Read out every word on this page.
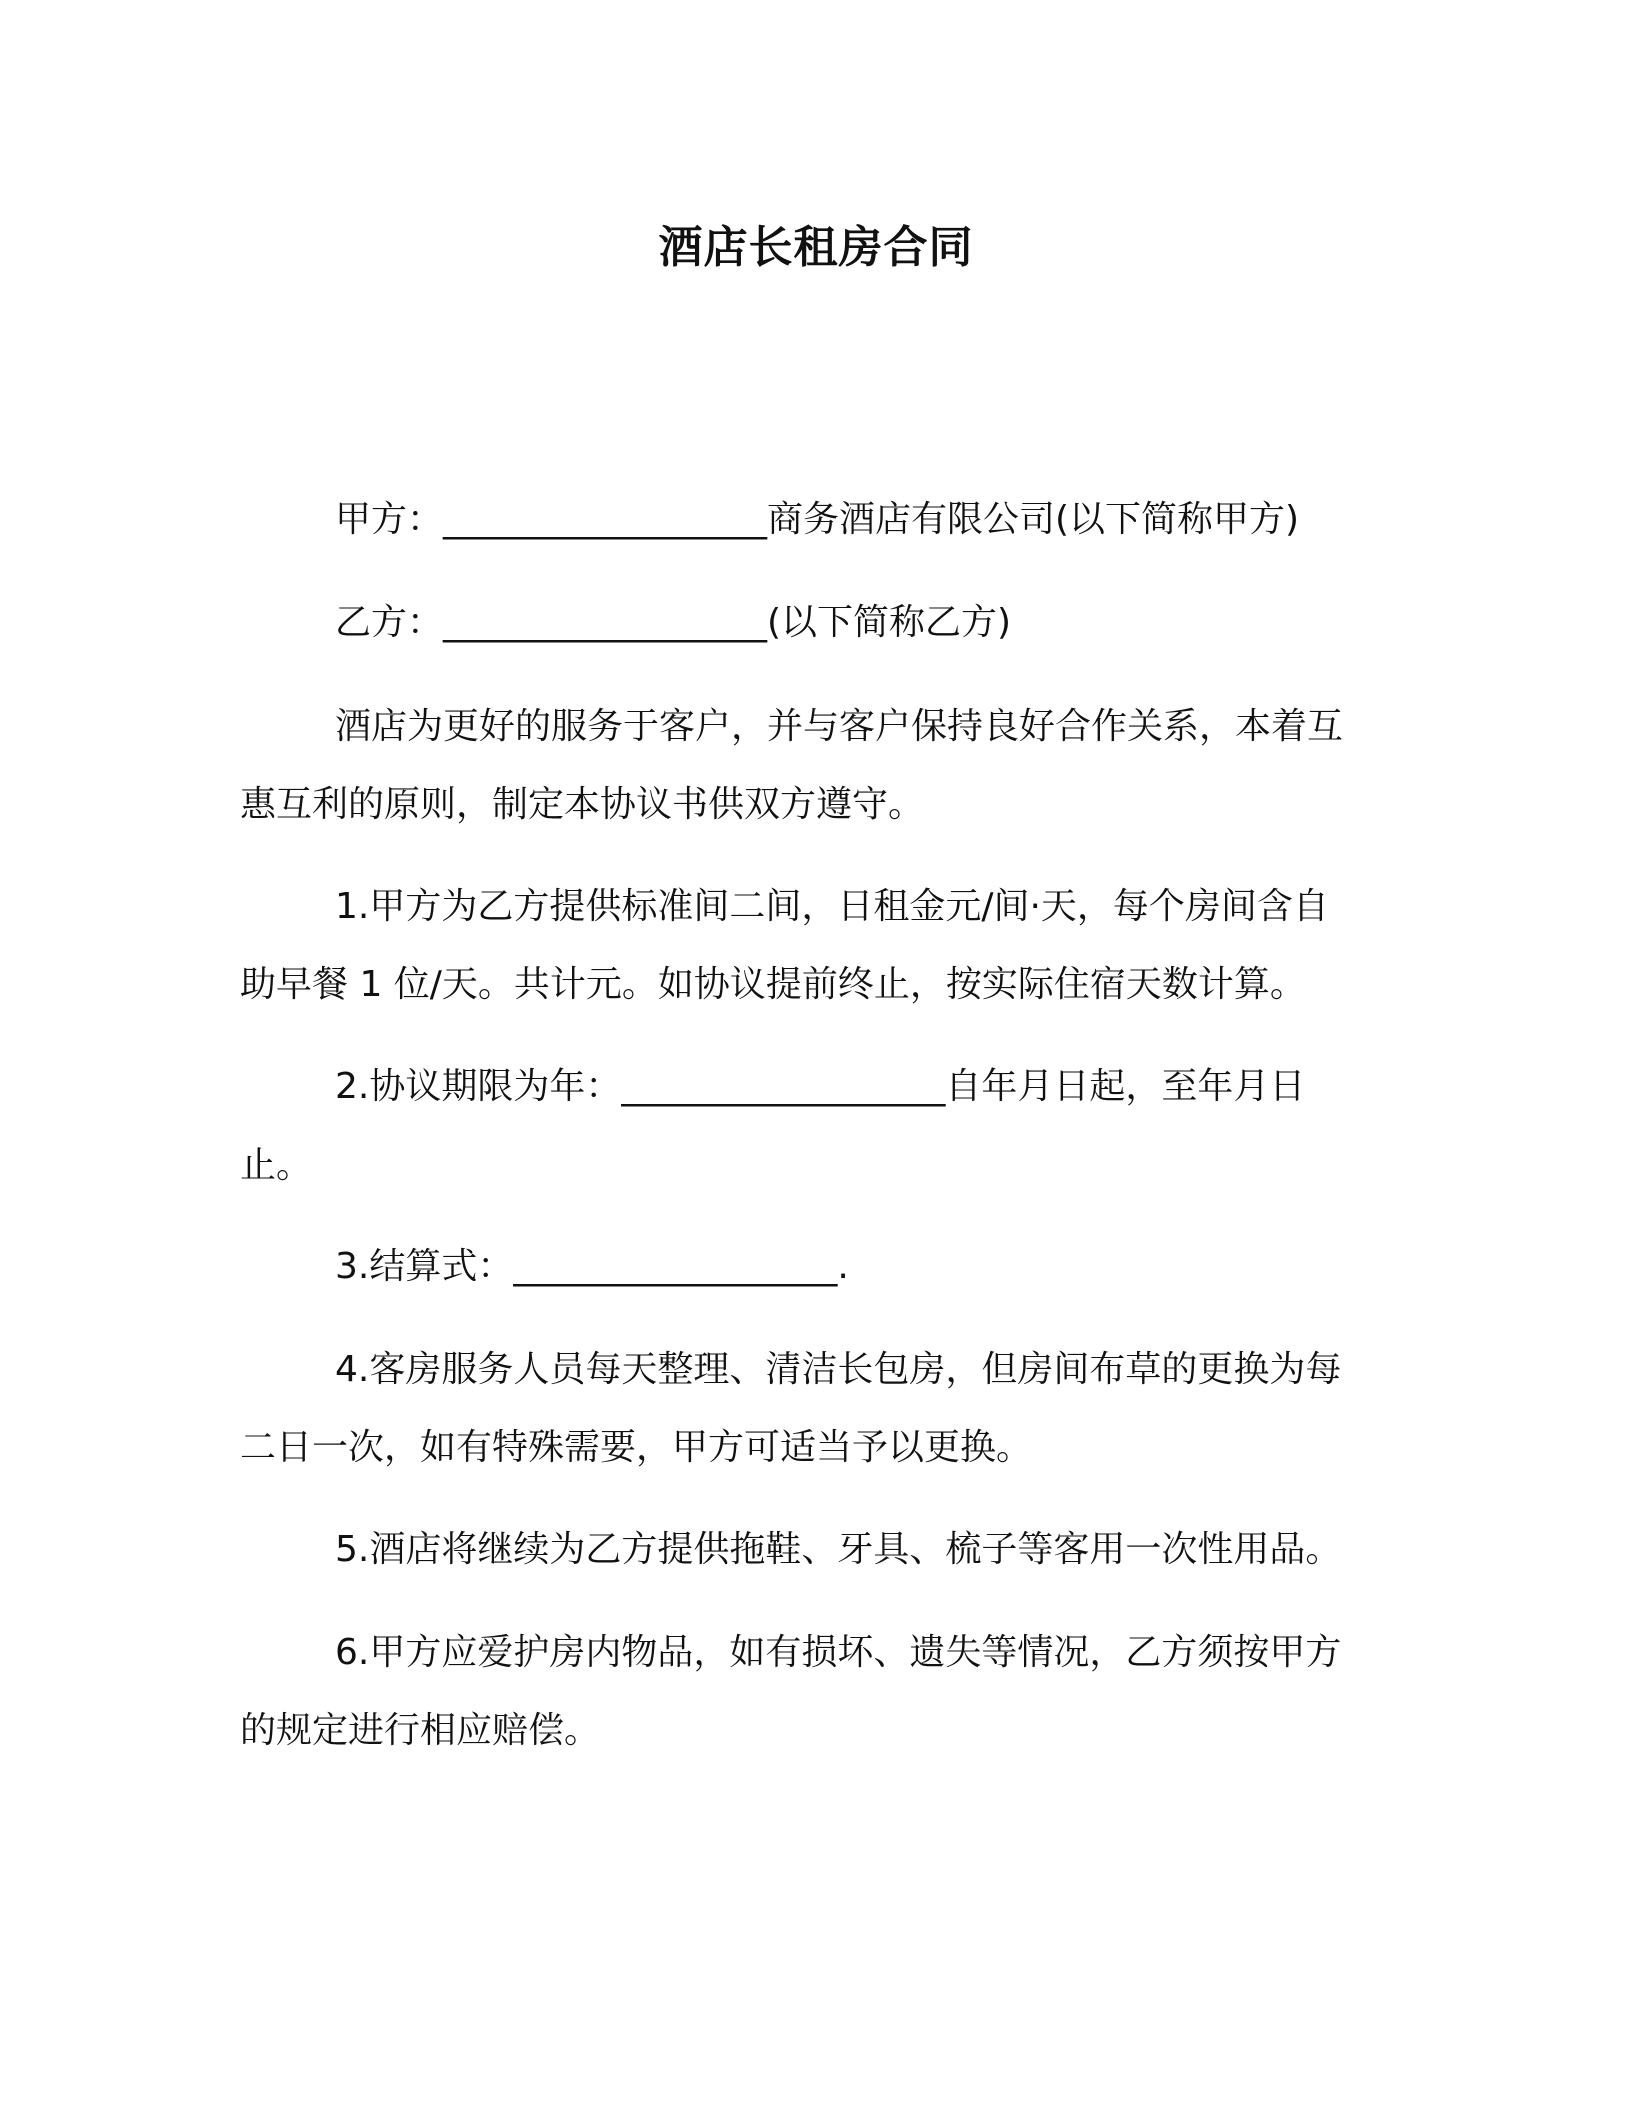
酒店长租房合同
甲方：__________________商务酒店有限公司(以下简称甲方)
乙方：__________________(以下简称乙方)
酒店为更好的服务于客户，并与客户保持良好合作关系，本着互
惠互利的原则，制定本协议书供双方遵守。
1.甲方为乙方提供标准间二间，日租金元/间·天，每个房间含自
助早餐 1 位/天。共计元。如协议提前终止，按实际住宿天数计算。
2.协议期限为年：__________________自年月日起，至年月日
止。
3.结算式：__________________.
4.客房服务人员每天整理、清洁长包房，但房间布草的更换为每
二日一次，如有特殊需要，甲方可适当予以更换。
5.酒店将继续为乙方提供拖鞋、牙具、梳子等客用一次性用品。
6.甲方应爱护房内物品，如有损坏、遗失等情况，乙方须按甲方
的规定进行相应赔偿。
